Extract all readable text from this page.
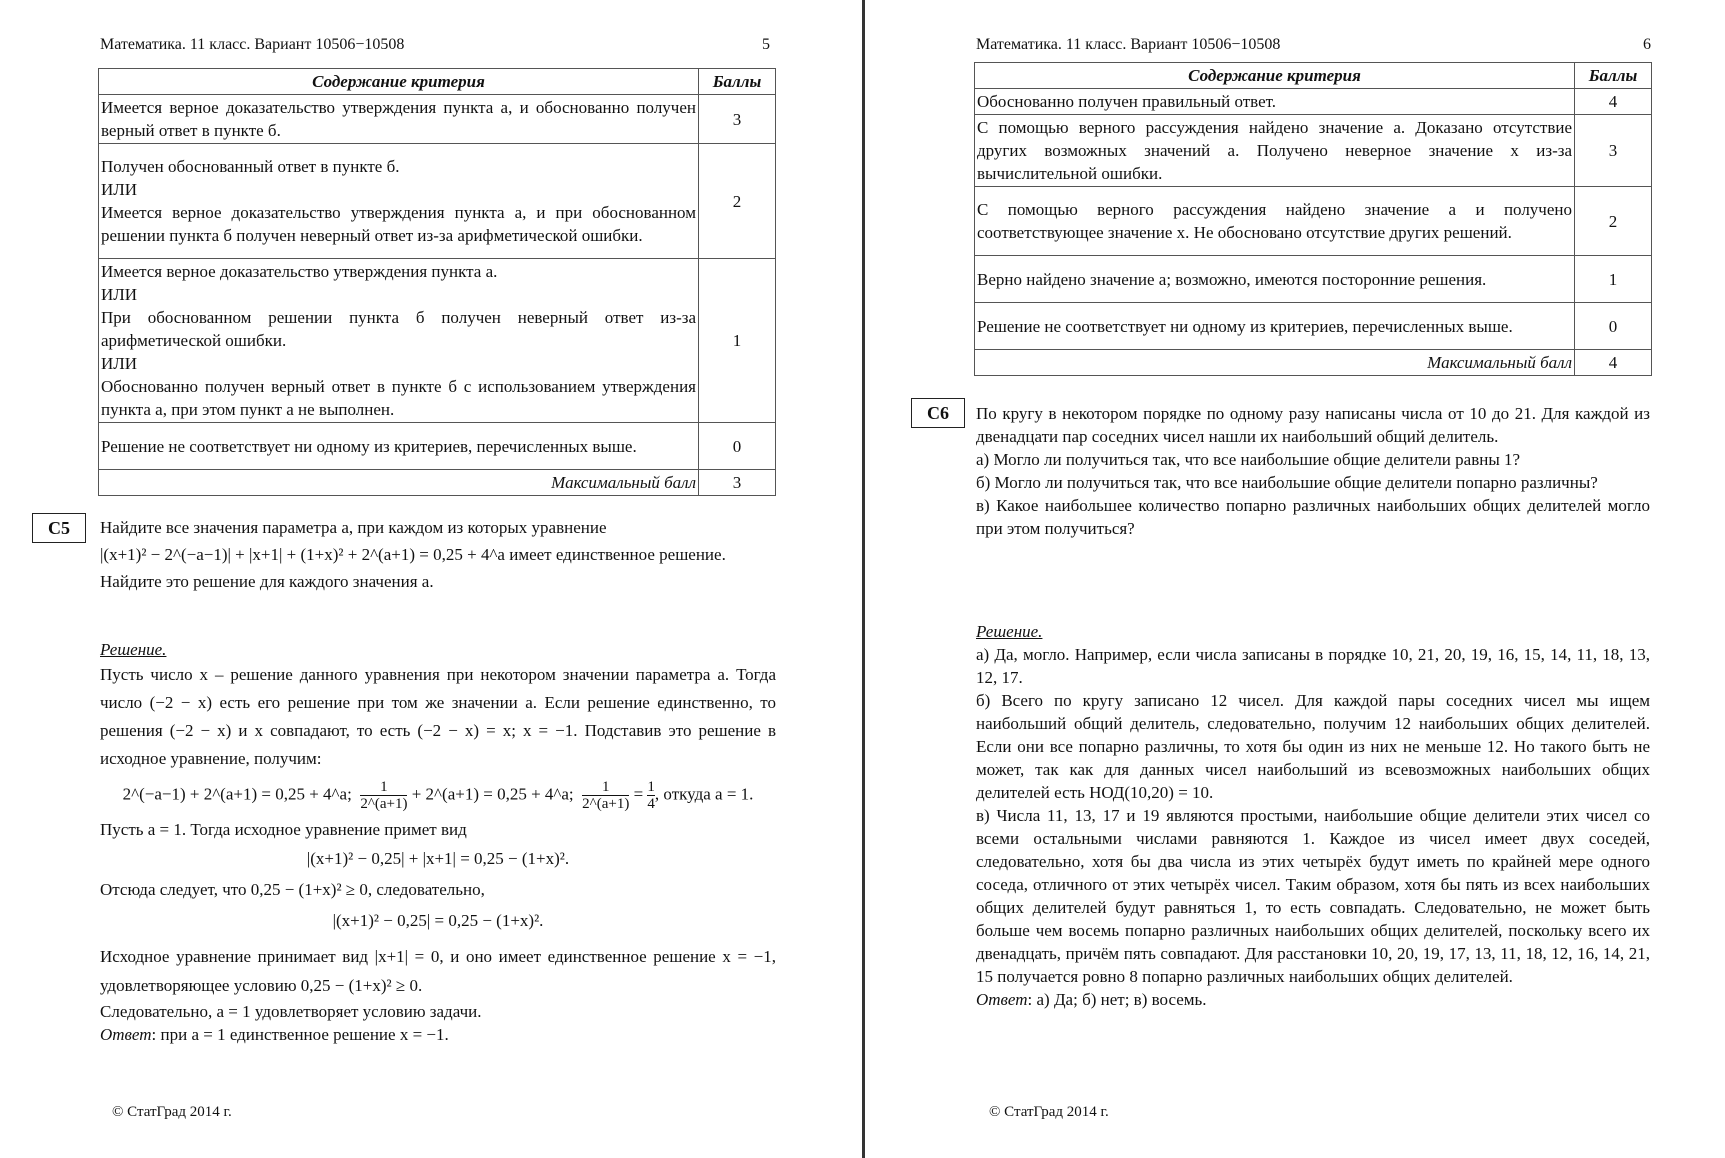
Математика. 11 класс. Вариант 10506−10508	5
Содержание критерия	Баллы
Имеется верное доказательство утверждения пункта а, и обоснованно получен верный ответ в пункте б.	3
Получен обоснованный ответ в пункте б.
ИЛИ
Имеется верное доказательство утверждения пункта а, и при обоснованном решении пункта б получен неверный ответ из-за арифметической ошибки.	2
Имеется верное доказательство утверждения пункта а.
ИЛИ
При обоснованном решении пункта б получен неверный ответ из-за арифметической ошибки.
ИЛИ
Обоснованно получен верный ответ в пункте б с использованием утверждения пункта а, при этом пункт а не выполнен.	1
Решение не соответствует ни одному из критериев, перечисленных выше.	0
Максимальный балл	3
С5	Найдите все значения параметра a, при каждом из которых уравнение

|(x+1)² − 2^(−a−1)| + |x+1| + (1+x)² + 2^(a+1) = 0,25 + 4^a имеет единственное решение.

Найдите это решение для каждого значения a.

Решение.

Пусть число x – решение данного уравнения при некотором значении параметра a. Тогда число (−2 − x) есть его решение при том же значении a. Если решение единственно, то решения (−2 − x) и x совпадают, то есть (−2 − x) = x; x = −1. Подставив это решение в исходное уравнение, получим:

2^(−a−1) + 2^(a+1) = 0,25 + 4^a; $\frac{1}{2\^{}(a+1)}$ + 2^(a+1) = 0,25 + 4^a; $\frac{1}{2\^{}(a+1)} = \frac{1}{4}$ , откуда a = 1.

Пусть a = 1. Тогда исходное уравнение примет вид

|(x+1)² − 0,25| + |x+1| = 0,25 − (1+x)².

Отсюда следует, что 0,25 − (1+x)² ≥ 0, следовательно,

|(x+1)² − 0,25| = 0,25 − (1+x)².

Исходное уравнение принимает вид |x+1| = 0, и оно имеет единственное решение x = −1, удовлетворяющее условию 0,25 − (1+x)² ≥ 0.

Следовательно, a = 1 удовлетворяет условию задачи.

Ответ: при a = 1 единственное решение x = −1.

© СтатГрад 2014 г.
Математика. 11 класс. Вариант 10506−10508	6
Содержание критерия	Баллы
Обоснованно получен правильный ответ.	4
С помощью верного рассуждения найдено значение a. Доказано отсутствие других возможных значений a. Получено неверное значение x из-за вычислительной ошибки.	3
С помощью верного рассуждения найдено значение a и получено соответствующее значение x. Не обосновано отсутствие других решений.	2
Верно найдено значение a; возможно, имеются посторонние решения.	1
Решение не соответствует ни одному из критериев, перечисленных выше.	0
Максимальный балл	4
С6	По кругу в некотором порядке по одному разу написаны числа от 10 до 21. Для каждой из двенадцати пар соседних чисел нашли их наибольший общий делитель.

а) Могло ли получиться так, что все наибольшие общие делители равны 1?

б) Могло ли получиться так, что все наибольшие общие делители попарно различны?

в) Какое наибольшее количество попарно различных наибольших общих делителей могло при этом получиться?

Решение.

а) Да, могло. Например, если числа записаны в порядке 10, 21, 20, 19, 16, 15, 14, 11, 18, 13, 12, 17.

б) Всего по кругу записано 12 чисел. Для каждой пары соседних чисел мы ищем наибольший общий делитель, следовательно, получим 12 наибольших общих делителей. Если они все попарно различны, то хотя бы один из них не меньше 12. Но такого быть не может, так как для данных чисел наибольший из всевозможных наибольших общих делителей есть НОД(10,20) = 10.

в) Числа 11, 13, 17 и 19 являются простыми, наибольшие общие делители этих чисел со всеми остальными числами равняются 1. Каждое из чисел имеет двух соседей, следовательно, хотя бы два числа из этих четырёх будут иметь по крайней мере одного соседа, отличного от этих четырёх чисел. Таким образом, хотя бы пять из всех наибольших общих делителей будут равняться 1, то есть совпадать. Следовательно, не может быть больше чем восемь попарно различных наибольших общих делителей, поскольку всего их двенадцать, причём пять совпадают. Для расстановки 10, 20, 19, 17, 13, 11, 18, 12, 16, 14, 21, 15 получается ровно 8 попарно различных наибольших общих делителей.

Ответ: а) Да; б) нет; в) восемь.

© СтатГрад 2014 г.
